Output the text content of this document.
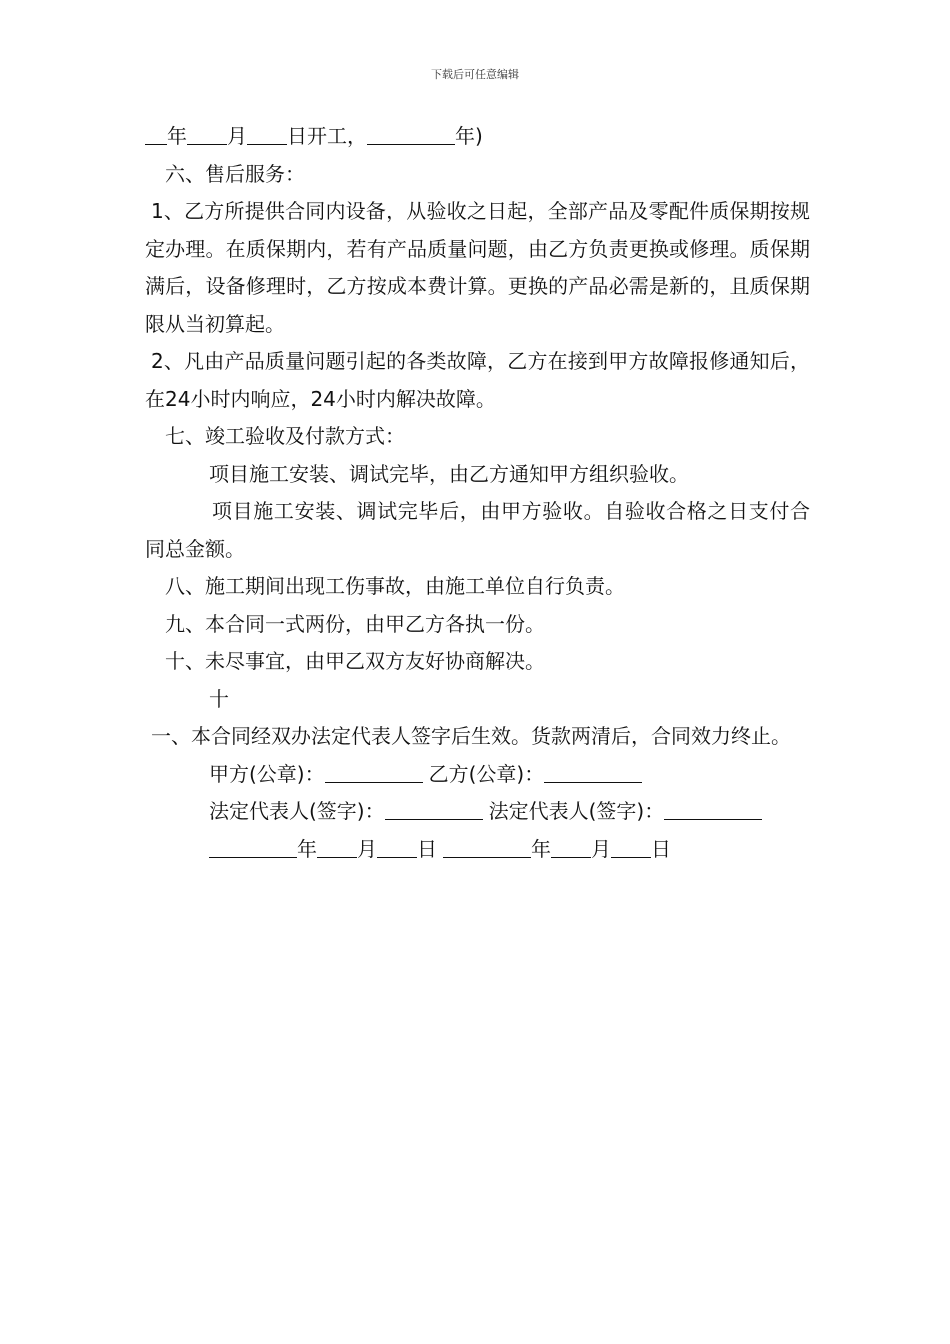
下载后可任意编辑

年 月 日开工，	年)

六、售后服务：

1、乙方所提供合同内设备，从验收之日起，全部产品及零配件质保期按规定办理。在质保期内，若有产品质量问题，由乙方负责更换或修理。质保期满后，设备修理时，乙方按成本费计算。更换的产品必需是新的，且质保期限从当初算起。

2、凡由产品质量问题引起的各类故障，乙方在接到甲方故障报修通知后，在24小时内响应，24小时内解决故障。

七、竣工验收及付款方式：

项目施工安装、调试完毕，由乙方通知甲方组织验收。

项目施工安装、调试完毕后，由甲方验收。自验收合格之日支付合同总金额。

八、施工期间出现工伤事故，由施工单位自行负责。

九、本合同一式两份，由甲乙方各执一份。

十、未尽事宜，由甲乙双方友好协商解决。

十

一、本合同经双办法定代表人签字后生效。货款两清后，合同效力终止。

甲方(公章)：	乙方(公章)：

法定代表人(签字)：	法定代表人(签字)：

年 月 日	年 月 日
